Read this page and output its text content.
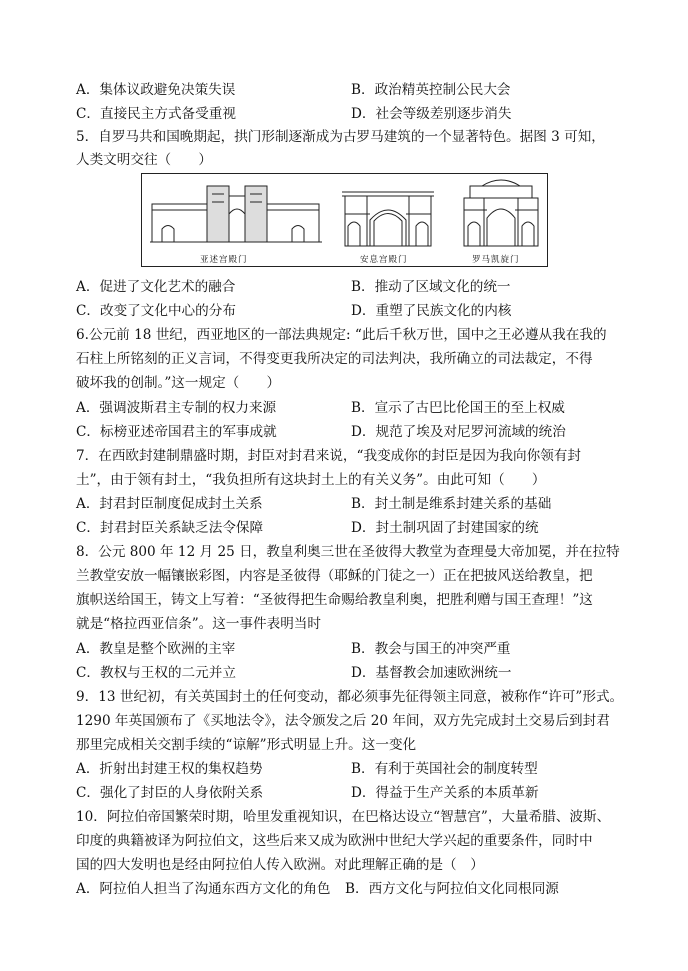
A．集体议政避免决策失误	B．政治精英控制公民大会
C．直接民主方式备受重视	D．社会等级差别逐步消失
5．自罗马共和国晚期起，拱门形制逐渐成为古罗马建筑的一个显著特色。据图 3 可知，
人类文明交往（　　）
亚述宫殿门	安息宫殿门	罗马凯旋门
A．促进了文化艺术的融合	B．推动了区域文化的统一
C．改变了文化中心的分布	D．重塑了民族文化的内核
6.公元前 18 世纪，西亚地区的一部法典规定: “此后千秋万世，国中之王必遵从我在我的
石柱上所铭刻的正义言词，不得变更我所决定的司法判决，我所确立的司法裁定，不得
破坏我的创制。”这一规定（　　）
A．强调波斯君主专制的权力来源	B．宣示了古巴比伦国王的至上权威
C．标榜亚述帝国君主的军事成就	D．规范了埃及对尼罗河流域的统治
7．在西欧封建制鼎盛时期，封臣对封君来说，“我变成你的封臣是因为我向你领有封
土”，由于领有封土，“我负担所有这块封土上的有关义务”。由此可知（　　）
A．封君封臣制度促成封土关系	B．封土制是维系封建关系的基础
C．封君封臣关系缺乏法令保障	D．封土制巩固了封建国家的统
8．公元 800 年 12 月 25 日，教皇利奥三世在圣彼得大教堂为查理曼大帝加冕，并在拉特
兰教堂安放一幅镶嵌彩图，内容是圣彼得（耶稣的门徒之一）正在把披风送给教皇，把
旗帜送给国王，铸文上写着：“圣彼得把生命赐给教皇利奥，把胜利赠与国王查理！”这
就是“格拉西亚信条”。这一事件表明当时
A．教皇是整个欧洲的主宰	B．教会与国王的冲突严重
C．教权与王权的二元并立	D．基督教会加速欧洲统一
9．13 世纪初，有关英国封土的任何变动，都必须事先征得领主同意，被称作“许可”形式。
1290 年英国颁布了《买地法令》，法令颁发之后 20 年间，双方先完成封土交易后到封君
那里完成相关交割手续的“谅解”形式明显上升。这一变化
A．折射出封建王权的集权趋势	B．有利于英国社会的制度转型
C．强化了封臣的人身依附关系	D．得益于生产关系的本质革新
10．阿拉伯帝国繁荣时期，哈里发重视知识，在巴格达设立“智慧宫”，大量希腊、波斯、
印度的典籍被译为阿拉伯文，这些后来又成为欧洲中世纪大学兴起的重要条件，同时中
国的四大发明也是经由阿拉伯人传入欧洲。对此理解正确的是（　）
A．阿拉伯人担当了沟通东西方文化的角色 B．西方文化与阿拉伯文化同根同源
